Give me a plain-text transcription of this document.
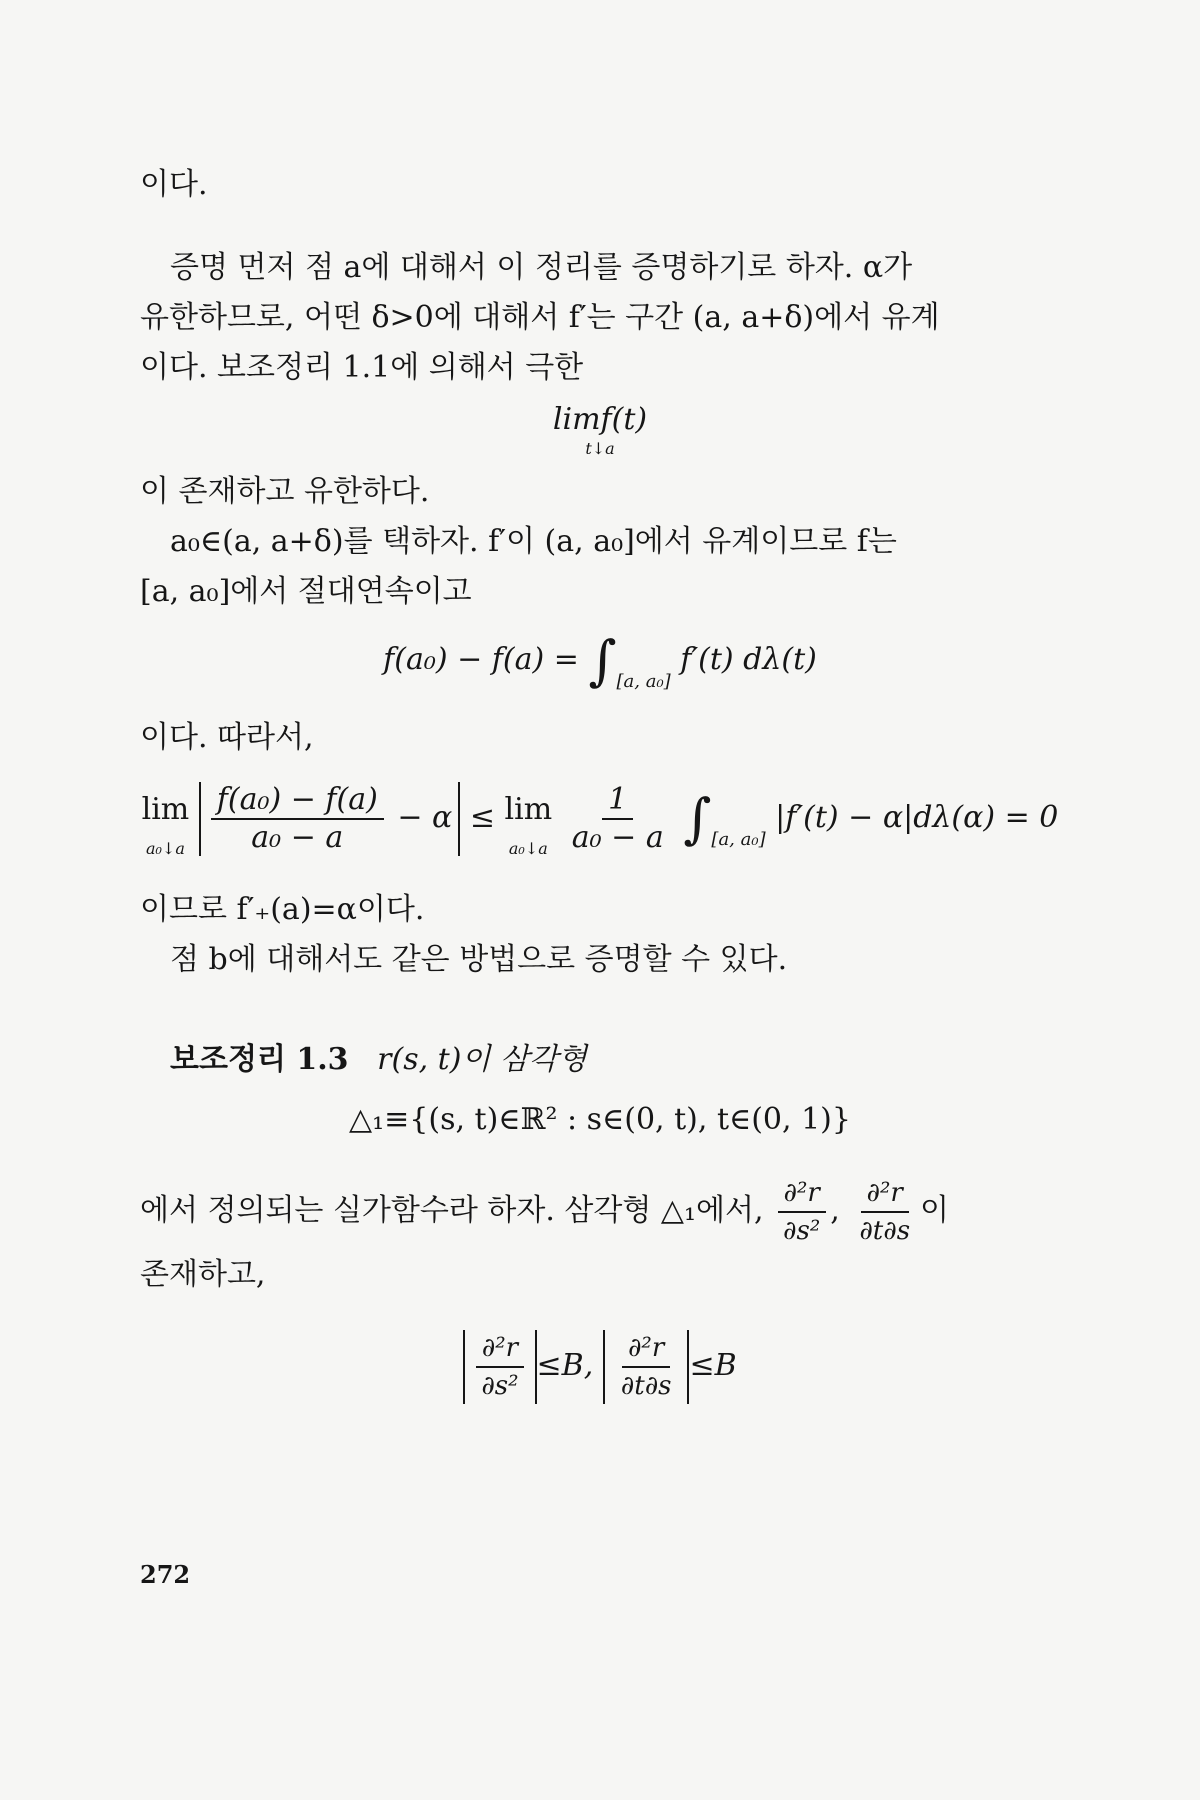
이다.
증명 먼저 점 a에 대해서 이 정리를 증명하기로 하자. α가
유한하므로, 어떤 δ>0에 대해서 f′는 구간 (a, a+δ)에서 유계
이다. 보조정리 1.1에 의해서 극한
limf(t)
t↓a
이 존재하고 유한하다.
a₀∈(a, a+δ)를 택하자. f′이 (a, a₀]에서 유계이므로 f는
[a, a₀]에서 절대연속이고
$f(a_0) - f(a) = \int_{[a, a_0]}$ f′(t) dλ(t)
이다. 따라서,
lim
a₀↓a
$\frac{\text{f(a₀) − f(a)}}{\text{a₀ − a}} - \alpha \le \lim$
a₀↓a
$\frac{1}{\text{a₀ − a}} \int_{[a, a_0]}$ |f′(t) − α|dλ(α) = 0
이므로 f′₊(a)=α이다.
점 b에 대해서도 같은 방법으로 증명할 수 있다.
보조정리 1.3 r(s, t)이 삼각형
△₁≡{(s, t)∈ℝ² : s∈(0, t), t∈(0, 1)}
에서 정의되는 실가함수라 하자. 삼각형 △₁에서, $\frac{\text{∂²r}}{\text{∂s²}}$ , $\frac{\text{∂²r}}{\partial t\partial s}$ 이
존재하고,
$\frac{\text{∂²r}}{\text{∂s²}} \le B$, $\frac{\text{∂²r}}{\partial t\partial s} \le B$
272
